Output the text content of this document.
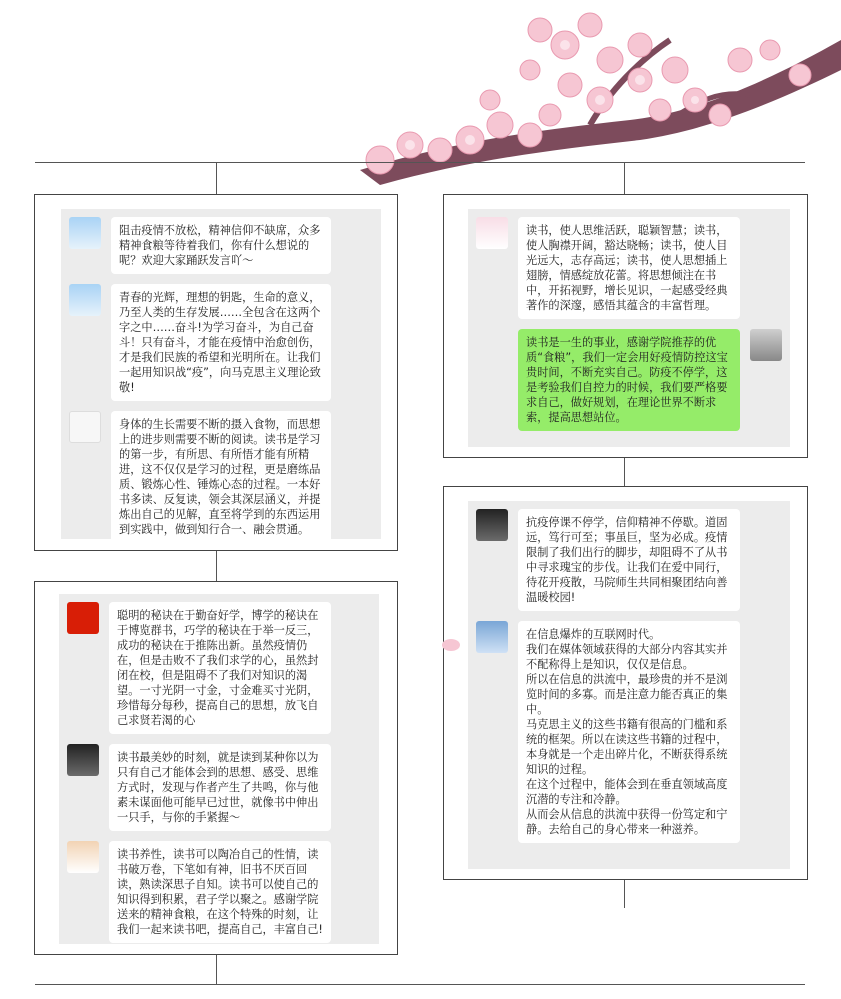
阻击疫情不放松，精神信仰不缺席，众多精神食粮等待着我们，你有什么想说的呢？欢迎大家踊跃发言吖～
青春的光辉，理想的钥匙，生命的意义，乃至人类的生存发展……全包含在这两个字之中……奋斗!为学习奋斗，为自己奋斗！只有奋斗，才能在疫情中治愈创伤，才是我们民族的希望和光明所在。让我们一起用知识战“疫”，向马克思主义理论致敬!
身体的生长需要不断的摄入食物，而思想上的进步则需要不断的阅读。读书是学习的第一步，有所思、有所悟才能有所精进，这不仅仅是学习的过程，更是磨练品质、锻炼心性、锤炼心态的过程。一本好书多读、反复读，领会其深层涵义，并提炼出自己的见解，直至将学到的东西运用到实践中，做到知行合一、融会贯通。
聪明的秘诀在于勤奋好学，博学的秘诀在于博览群书，巧学的秘诀在于举一反三，成功的秘诀在于推陈出新。虽然疫情仍在，但是击败不了我们求学的心，虽然封闭在校，但是阻碍不了我们对知识的渴望。一寸光阴一寸金，寸金难买寸光阴，珍惜每分每秒，提高自己的思想，放飞自己求贤若渴的心
读书最美妙的时刻，就是读到某种你以为只有自己才能体会到的思想、感受、思维方式时，发现与作者产生了共鸣，你与他素未谋面他可能早已过世，就像书中伸出一只手，与你的手紧握～
读书养性，读书可以陶冶自己的性情，读书破万卷，下笔如有神，旧书不厌百回读，熟读深思子自知。读书可以使自己的知识得到积累，君子学以聚之。感谢学院送来的精神食粮，在这个特殊的时刻，让我们一起来读书吧，提高自己，丰富自己!
读书，使人思维活跃，聪颖智慧；读书，使人胸襟开阔，豁达晓畅；读书，使人目光远大，志存高远；读书，使人思想插上翅膀，情感绽放花蕾。将思想倾注在书中，开拓视野，增长见识，一起感受经典著作的深邃，感悟其蕴含的丰富哲理。
读书是一生的事业，感谢学院推荐的优质“食粮”，我们一定会用好疫情防控这宝贵时间，不断充实自己。防疫不停学，这是考验我们自控力的时候，我们要严格要求自己，做好规划，在理论世界不断求索，提高思想站位。
抗疫停课不停学，信仰精神不停歇。道固远，笃行可至；事虽巨，坚为必成。疫情限制了我们出行的脚步，却阻碍不了从书中寻求瑰宝的步伐。让我们在爱中同行，待花开疫散，马院师生共同相聚团结向善温暖校园!
在信息爆炸的互联网时代。
我们在媒体领域获得的大部分内容其实并不配称得上是知识，仅仅是信息。
所以在信息的洪流中，最珍贵的并不是浏览时间的多寡。而是注意力能否真正的集中。
马克思主义的这些书籍有很高的门槛和系统的框架。所以在读这些书籍的过程中，本身就是一个走出碎片化，不断获得系统知识的过程。
在这个过程中，能体会到在垂直领域高度沉潜的专注和冷静。
从而会从信息的洪流中获得一份笃定和宁静。去给自己的身心带来一种滋养。
